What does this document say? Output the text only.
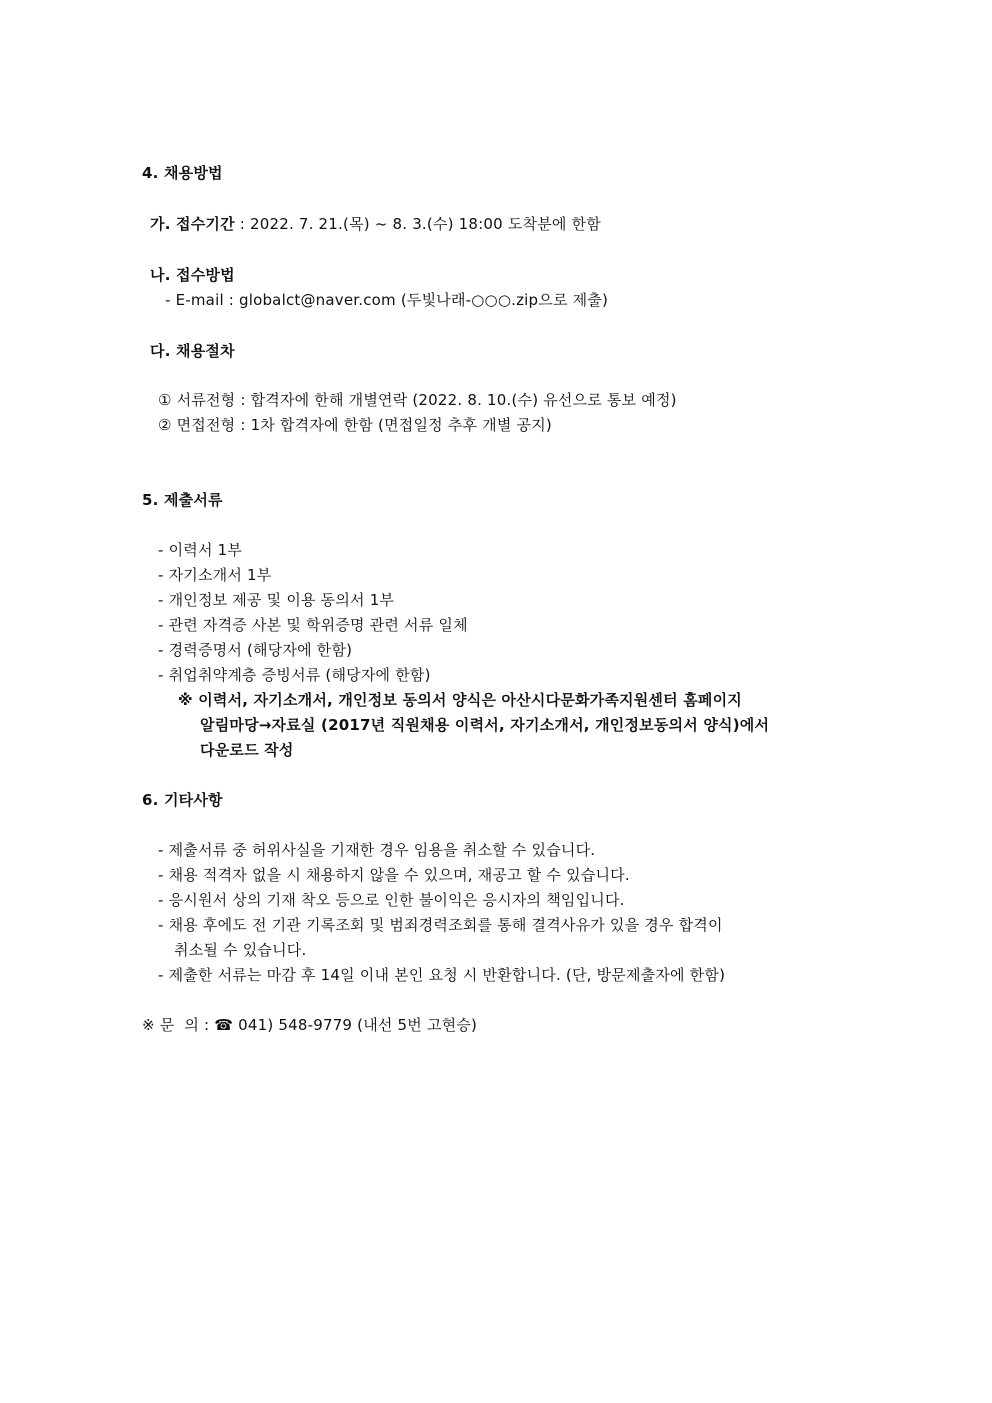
4. 채용방법
가. 접수기간 : 2022. 7. 21.(목) ~ 8. 3.(수) 18:00 도착분에 한함
나. 접수방법
- E-mail : globalct@naver.com (두빛나래-○○○.zip으로 제출)
다. 채용절차
① 서류전형 : 합격자에 한해 개별연락 (2022. 8. 10.(수) 유선으로 통보 예정)
② 면접전형 : 1차 합격자에 한함 (면접일정 추후 개별 공지)
5. 제출서류
- 이력서 1부
- 자기소개서 1부
- 개인정보 제공 및 이용 동의서 1부
- 관련 자격증 사본 및 학위증명 관련 서류 일체
- 경력증명서 (해당자에 한함)
- 취업취약계층 증빙서류 (해당자에 한함)
※ 이력서, 자기소개서, 개인정보 동의서 양식은 아산시다문화가족지원센터 홈페이지
알림마당→자료실 (2017년 직원채용 이력서, 자기소개서, 개인정보동의서 양식)에서
다운로드 작성
6. 기타사항
- 제출서류 중 허위사실을 기재한 경우 임용을 취소할 수 있습니다.
- 채용 적격자 없을 시 채용하지 않을 수 있으며, 재공고 할 수 있습니다.
- 응시원서 상의 기재 착오 등으로 인한 불이익은 응시자의 책임입니다.
- 채용 후에도 전 기관 기록조회 및 범죄경력조회를 통해 결격사유가 있을 경우 합격이
취소될 수 있습니다.
- 제출한 서류는 마감 후 14일 이내 본인 요청 시 반환합니다. (단, 방문제출자에 한함)
※ 문  의 : ☎ 041) 548-9779 (내선 5번 고현승)
